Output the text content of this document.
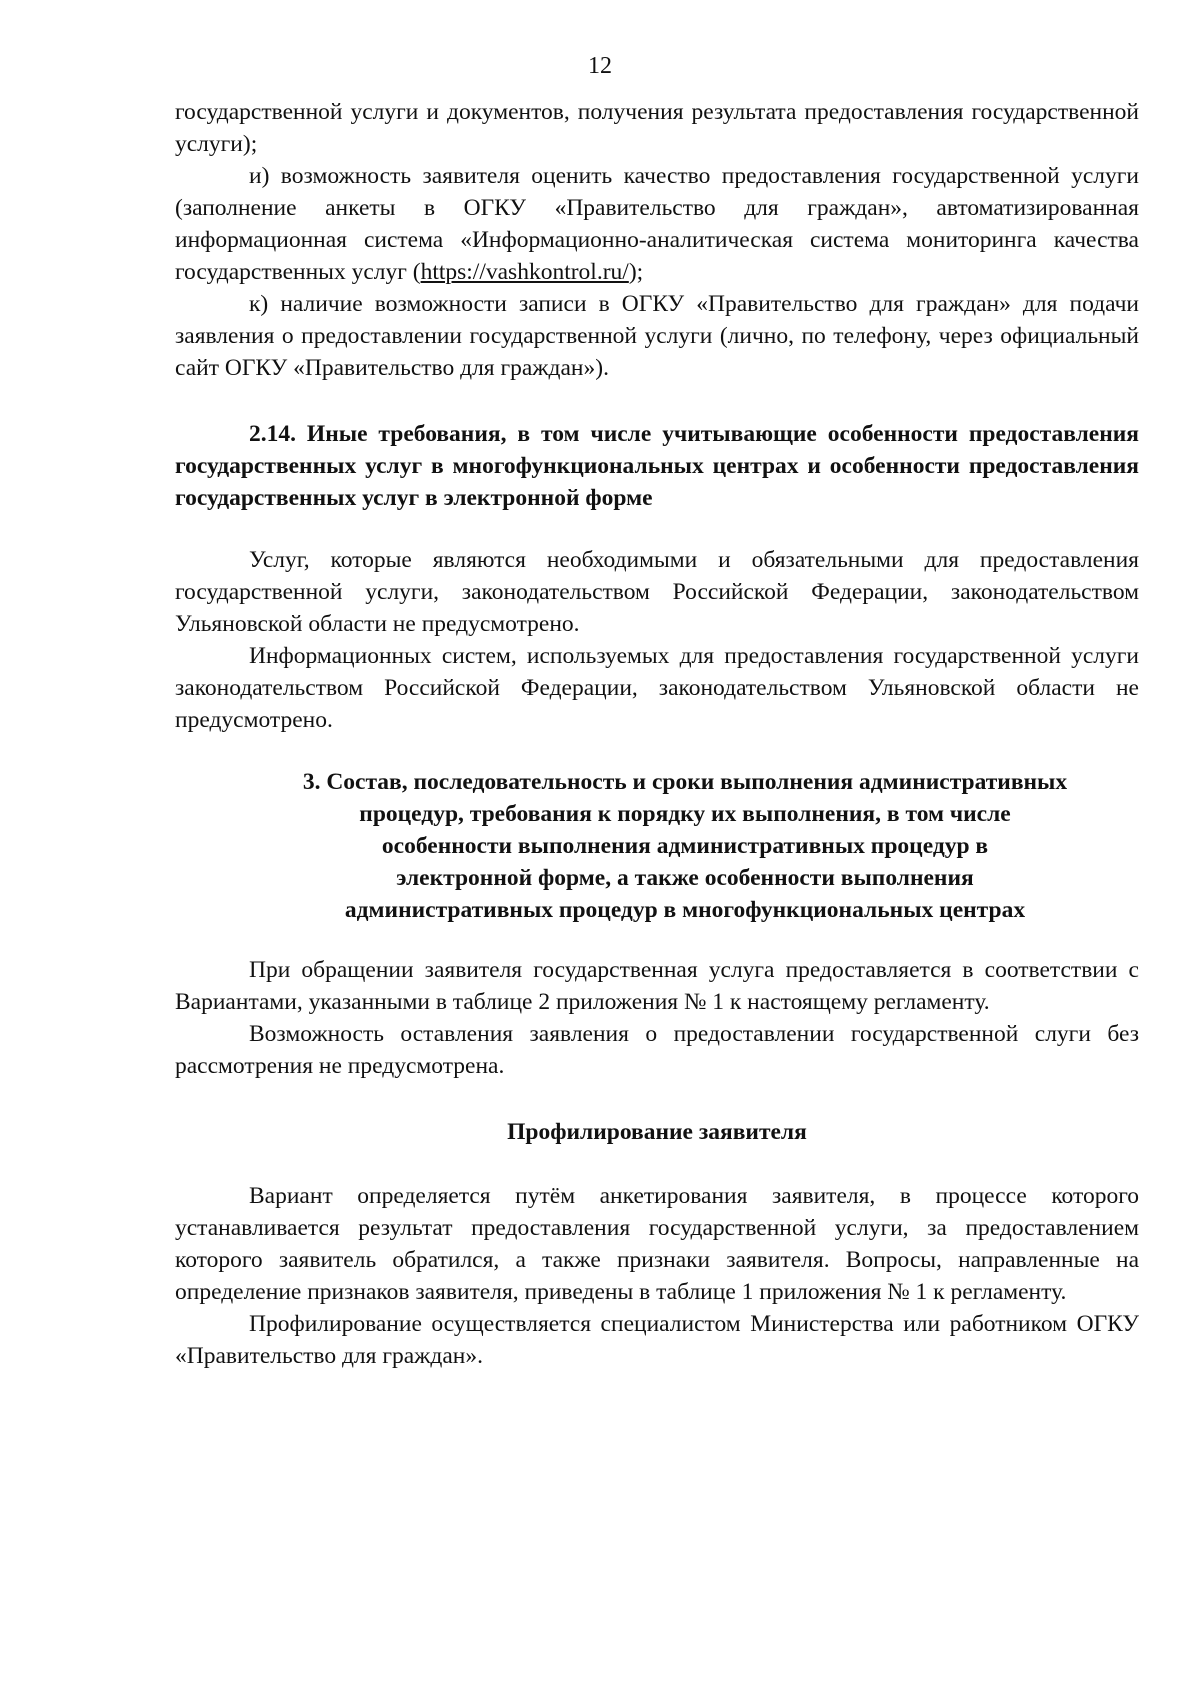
12

государственной услуги и документов, получения результата предоставления государственной услуги);

и) возможность заявителя оценить качество предоставления государственной услуги (заполнение анкеты в ОГКУ «Правительство для граждан», автоматизированная информационная система «Информационно-аналитическая система мониторинга качества государственных услуг (https://vashkontrol.ru/);

к) наличие возможности записи в ОГКУ «Правительство для граждан» для подачи заявления о предоставлении государственной услуги (лично, по телефону, через официальный сайт ОГКУ «Правительство для граждан»).

2.14. Иные требования, в том числе учитывающие особенности предоставления государственных услуг в многофункциональных центрах и особенности предоставления государственных услуг в электронной форме

Услуг, которые являются необходимыми и обязательными для предоставления государственной услуги, законодательством Российской Федерации, законодательством Ульяновской области не предусмотрено.

Информационных систем, используемых для предоставления государственной услуги законодательством Российской Федерации, законодательством Ульяновской области не предусмотрено.

3. Состав, последовательность и сроки выполнения административных
процедур, требования к порядку их выполнения, в том числе
особенности выполнения административных процедур в
электронной форме, а также особенности выполнения
административных процедур в многофункциональных центрах

При обращении заявителя государственная услуга предоставляется в соответствии с Вариантами, указанными в таблице 2 приложения № 1 к настоящему регламенту.

Возможность оставления заявления о предоставлении государственной слуги без рассмотрения не предусмотрена.

Профилирование заявителя

Вариант определяется путём анкетирования заявителя, в процессе которого устанавливается результат предоставления государственной услуги, за предоставлением которого заявитель обратился, а также признаки заявителя. Вопросы, направленные на определение признаков заявителя, приведены в таблице 1 приложения № 1 к регламенту.

Профилирование осуществляется специалистом Министерства или работником ОГКУ «Правительство для граждан».
